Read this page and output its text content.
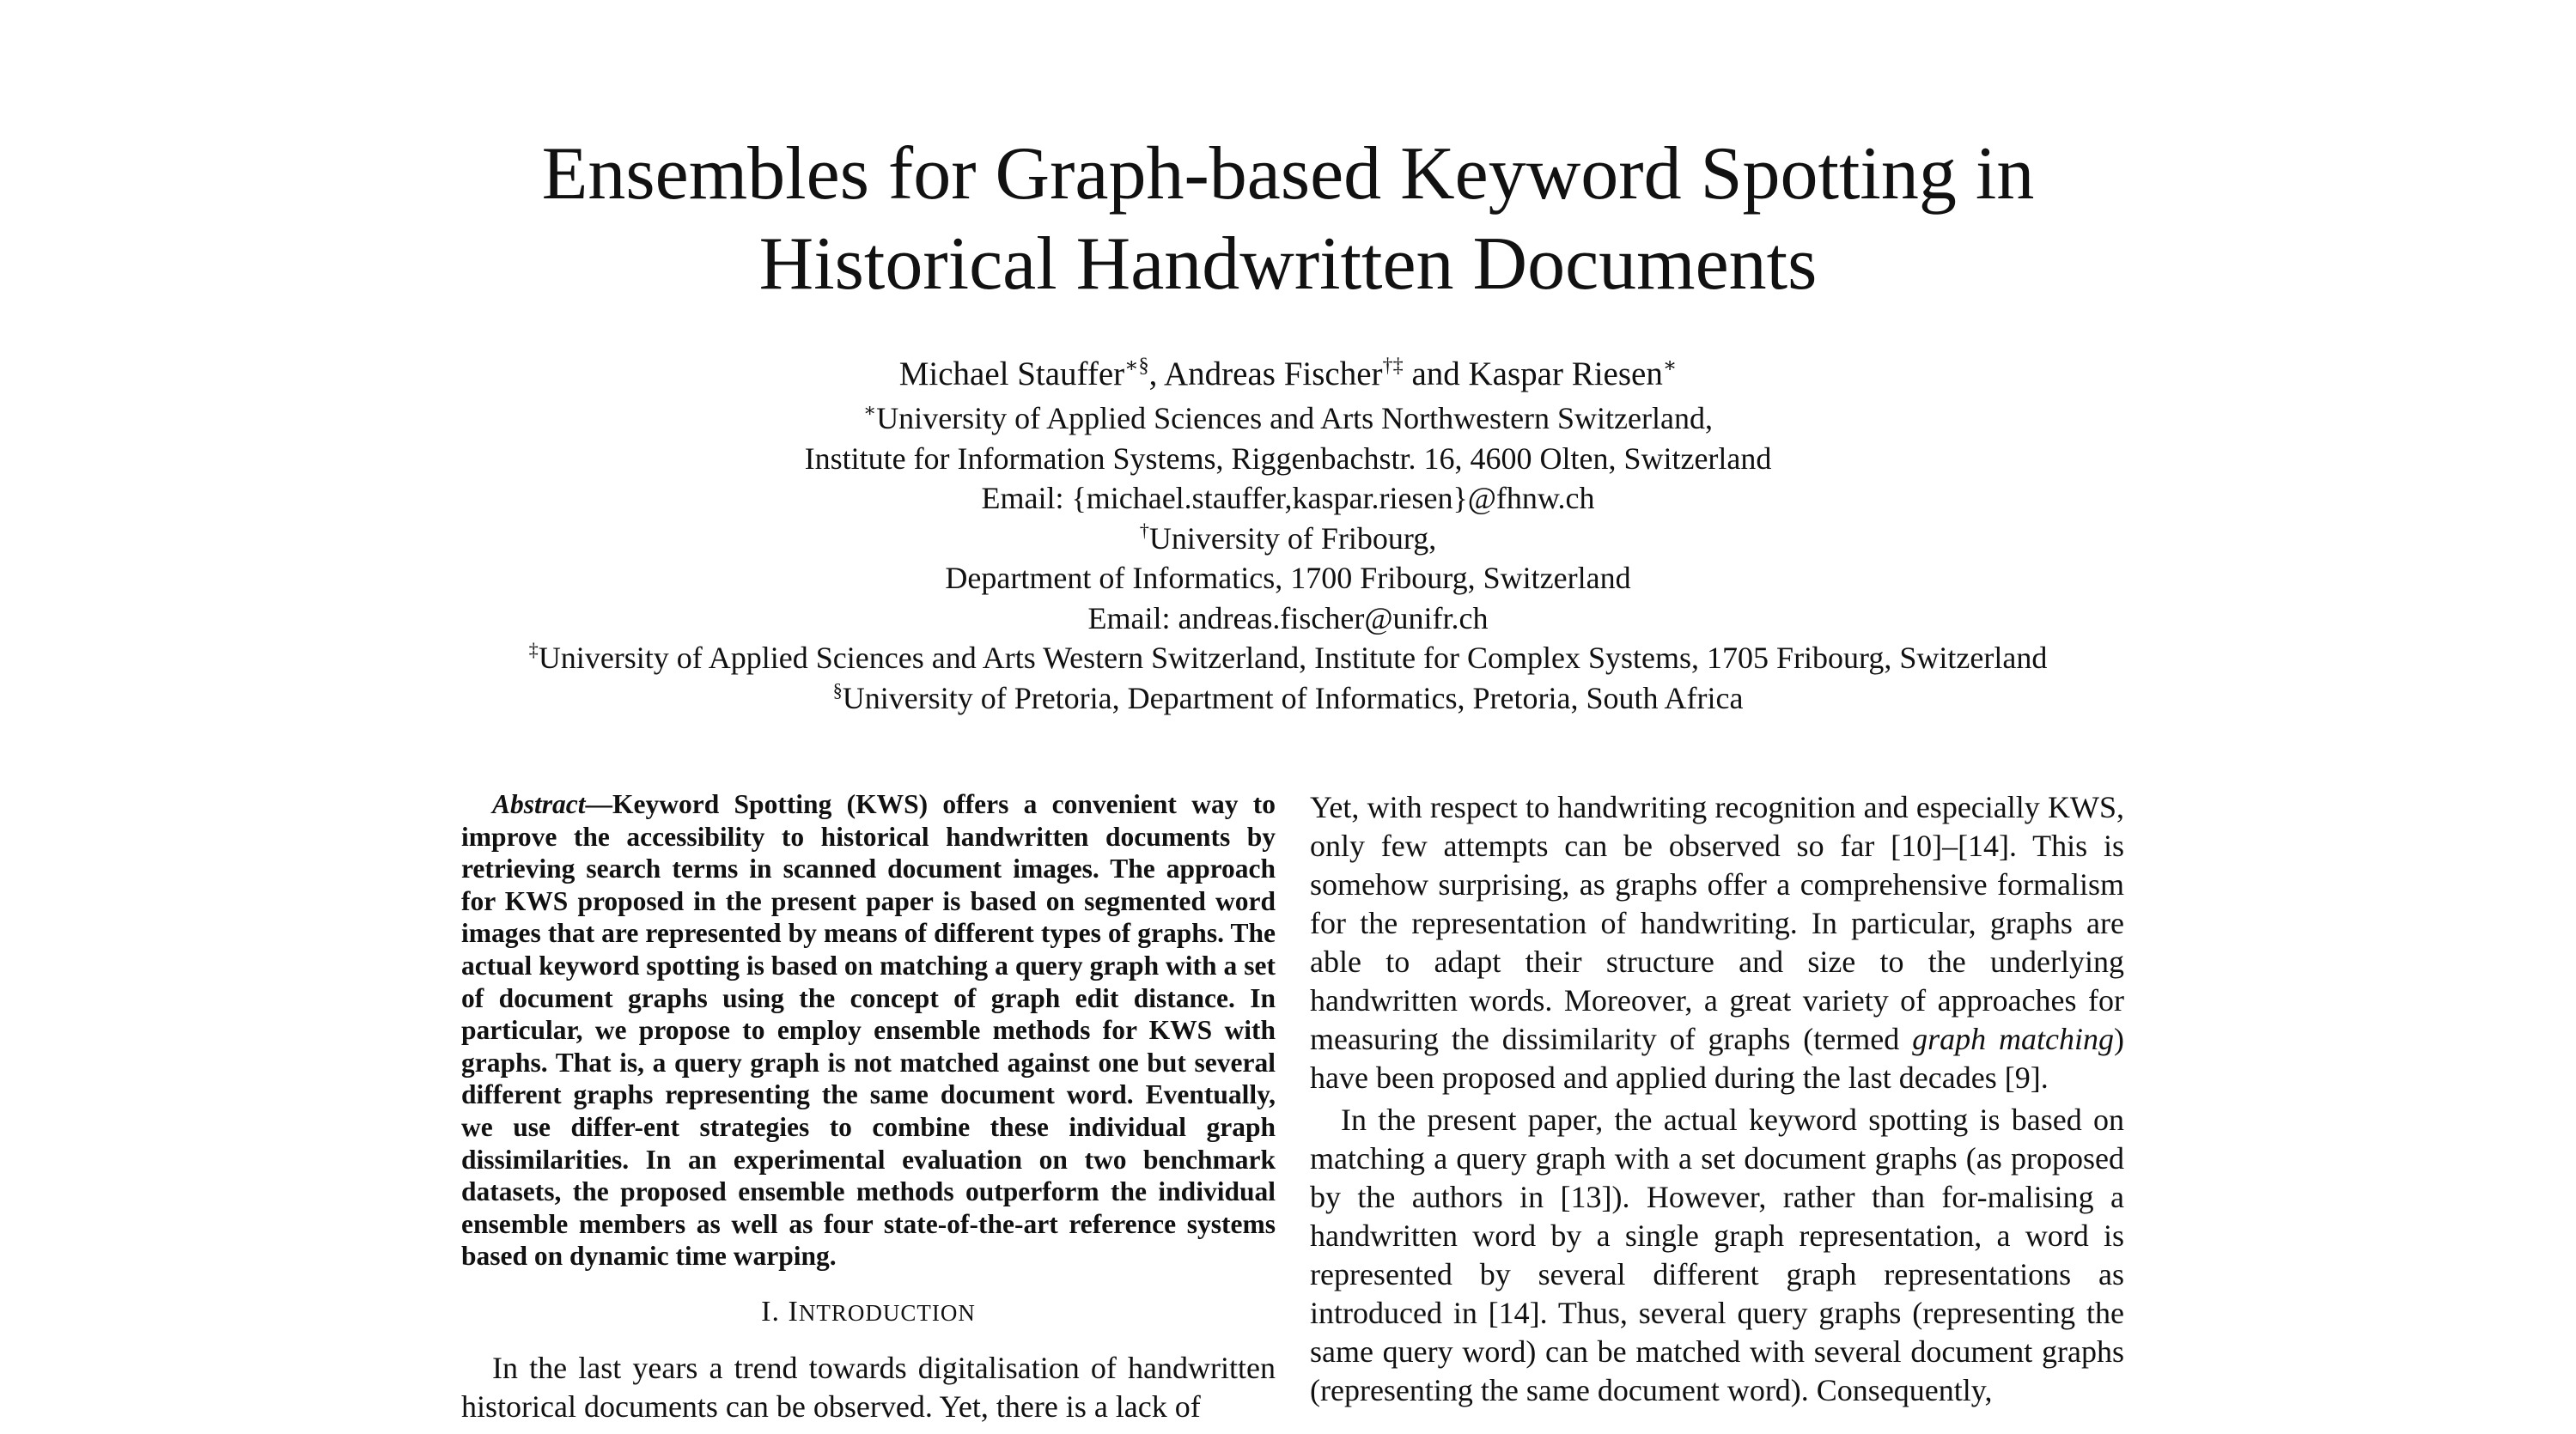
Ensembles for Graph-based Keyword Spotting in
Historical Handwritten Documents
Michael Stauffer∗§, Andreas Fischer†‡ and Kaspar Riesen∗
∗University of Applied Sciences and Arts Northwestern Switzerland,
Institute for Information Systems, Riggenbachstr. 16, 4600 Olten, Switzerland
Email: {michael.stauffer,kaspar.riesen}@fhnw.ch
†University of Fribourg,
Department of Informatics, 1700 Fribourg, Switzerland
Email: andreas.fischer@unifr.ch
‡University of Applied Sciences and Arts Western Switzerland, Institute for Complex Systems, 1705 Fribourg, Switzerland
§University of Pretoria, Department of Informatics, Pretoria, South Africa

Abstract—Keyword Spotting (KWS) offers a convenient way to improve the accessibility to historical handwritten documents by retrieving search terms in scanned document images. The approach for KWS proposed in the present paper is based on segmented word images that are represented by means of different types of graphs. The actual keyword spotting is based on matching a query graph with a set of document graphs using the concept of graph edit distance. In particular, we propose to employ ensemble methods for KWS with graphs. That is, a query graph is not matched against one but several different graphs representing the same document word. Eventually, we use differ-ent strategies to combine these individual graph dissimilarities. In an experimental evaluation on two benchmark datasets, the proposed ensemble methods outperform the individual ensemble members as well as four state-of-the-art reference systems based on dynamic time warping.

I. INTRODUCTION

In the last years a trend towards digitalisation of handwritten historical documents can be observed. Yet, there is a lack of

Yet, with respect to handwriting recognition and especially KWS, only few attempts can be observed so far [10]–[14]. This is somehow surprising, as graphs offer a comprehensive formalism for the representation of handwriting. In particular, graphs are able to adapt their structure and size to the underlying handwritten words. Moreover, a great variety of approaches for measuring the dissimilarity of graphs (termed graph matching) have been proposed and applied during the last decades [9].

In the present paper, the actual keyword spotting is based on matching a query graph with a set document graphs (as proposed by the authors in [13]). However, rather than for-malising a handwritten word by a single graph representation, a word is represented by several different graph representations as introduced in [14]. Thus, several query graphs (representing the same query word) can be matched with several document graphs (representing the same document word). Consequently,
